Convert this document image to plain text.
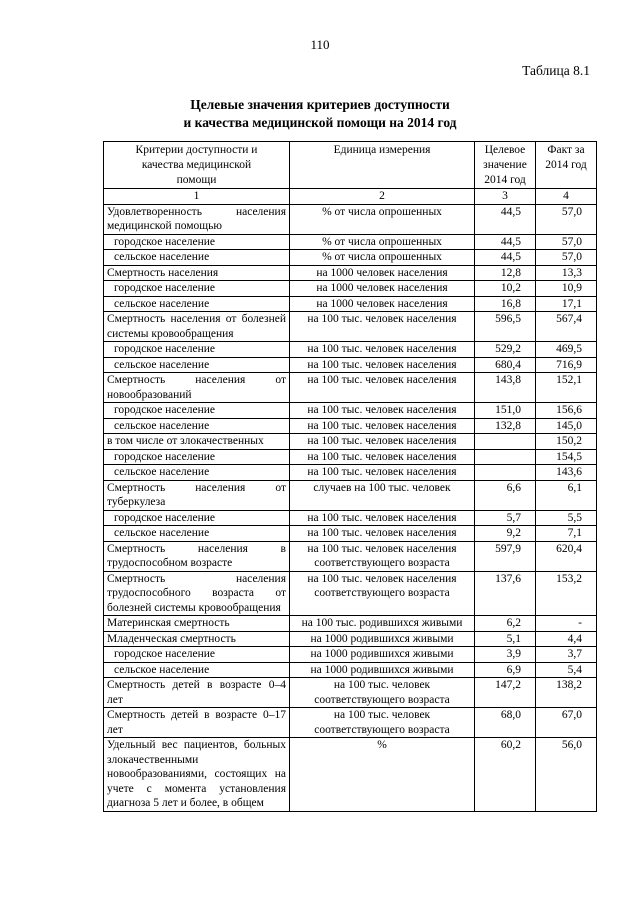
110
Таблица 8.1
Целевые значения критериев доступности
и качества медицинской помощи на 2014 год
Критерии доступности и качества медицинской помощи	Единица измерения	Целевое значение 2014 год	Факт за 2014 год
1	2	3	4
Удовлетворенность населения медицинской помощью	% от числа опрошенных	44,5	57,0
городское население	% от числа опрошенных	44,5	57,0
сельское население	% от числа опрошенных	44,5	57,0
Смертность населения	на 1000 человек населения	12,8	13,3
городское население	на 1000 человек населения	10,2	10,9
сельское население	на 1000 человек населения	16,8	17,1
Смертность населения от болезней системы кровообращения	на 100 тыс. человек населения	596,5	567,4
городское население	на 100 тыс. человек населения	529,2	469,5
сельское население	на 100 тыс. человек населения	680,4	716,9
Смертность населения от новообразований	на 100 тыс. человек населения	143,8	152,1
городское население	на 100 тыс. человек населения	151,0	156,6
сельское население	на 100 тыс. человек населения	132,8	145,0
в том числе от злокачественных	на 100 тыс. человек населения		150,2
городское население	на 100 тыс. человек населения		154,5
сельское население	на 100 тыс. человек населения		143,6
Смертность населения от туберкулеза	случаев на 100 тыс. человек	6,6	6,1
городское население	на 100 тыс. человек населения	5,7	5,5
сельское население	на 100 тыс. человек населения	9,2	7,1
Смертность населения в трудоспособном возрасте	на 100 тыс. человек населения соответствующего возраста	597,9	620,4
Смертность населения трудоспособного возраста от болезней системы кровообращения	на 100 тыс. человек населения соответствующего возраста	137,6	153,2
Материнская смертность	на 100 тыс. родившихся живыми	6,2	-
Младенческая смертность	на 1000 родившихся живыми	5,1	4,4
городское население	на 1000 родившихся живыми	3,9	3,7
сельское население	на 1000 родившихся живыми	6,9	5,4
Смертность детей в возрасте 0–4 лет	на 100 тыс. человек соответствующего возраста	147,2	138,2
Смертность детей в возрасте 0–17 лет	на 100 тыс. человек соответствующего возраста	68,0	67,0
Удельный вес пациентов, больных злокачественными новообразованиями, состоящих на учете с момента установления диагноза 5 лет и более, в общем	%	60,2	56,0
